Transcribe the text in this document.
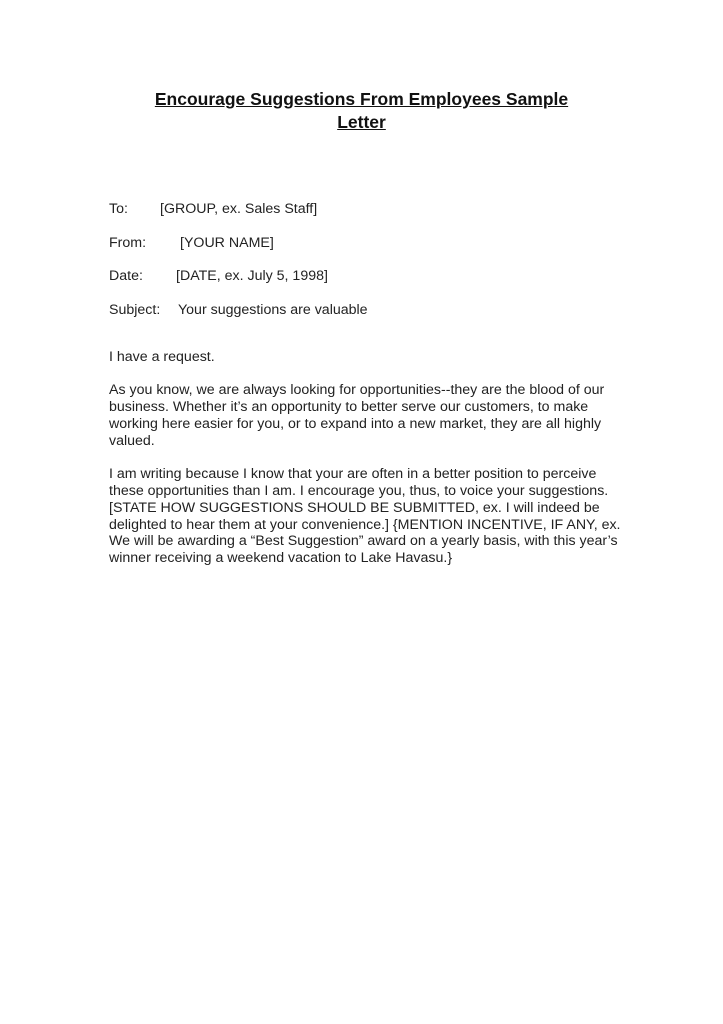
Encourage Suggestions From Employees Sample
Letter
To: [GROUP, ex. Sales Staff]
From: [YOUR NAME]
Date: [DATE, ex. July 5, 1998]
Subject: Your suggestions are valuable

I have a request.

As you know, we are always looking for opportunities--they are the blood of our business. Whether it’s an opportunity to better serve our customers, to make working here easier for you, or to expand into a new market, they are all highly valued.

I am writing because I know that your are often in a better position to perceive these opportunities than I am. I encourage you, thus, to voice your suggestions. [STATE HOW SUGGESTIONS SHOULD BE SUBMITTED, ex. I will indeed be delighted to hear them at your convenience.] {MENTION INCENTIVE, IF ANY, ex. We will be awarding a “Best Suggestion” award on a yearly basis, with this year’s winner receiving a weekend vacation to Lake Havasu.}
